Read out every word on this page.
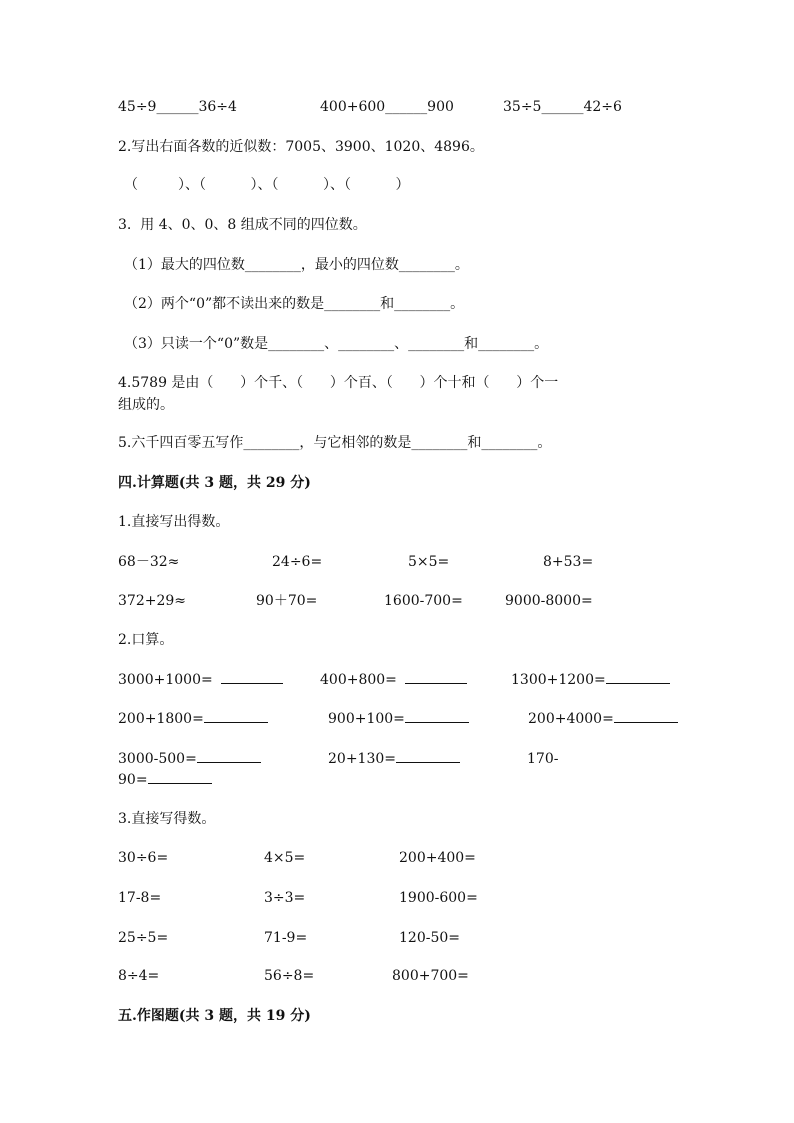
45÷9______36÷4	400+600______900	35÷5______42÷6
2.写出右面各数的近似数：7005、3900、1020、4896。
（         ）、（          ）、（          ）、（          ）
3.  用 4、0、0、8 组成不同的四位数。
（1）最大的四位数________，最小的四位数________。
（2）两个“0”都不读出来的数是________和________。
（3）只读一个“0”数是________、________、________和________。
4.5789 是由（      ）个千、（      ）个百、（      ）个十和（      ）个一
组成的。
5.六千四百零五写作________，与它相邻的数是________和________。
四.计算题(共 3 题，共 29 分)
1.直接写出得数。
68－32≈	24÷6=	5×5=	8+53=
372+29≈	90＋70=	1600-700=	9000-8000=
2.口算。
3000+1000=	400+800=	1300+1200=
200+1800=	900+100=	200+4000=
3000-500=	20+130=	170-
90=
3.直接写得数。
30÷6=	4×5=	200+400=
17-8=	3÷3=	1900-600=
25÷5=	71-9=	120-50=
8÷4=	56÷8=	800+700=
五.作图题(共 3 题，共 19 分)
